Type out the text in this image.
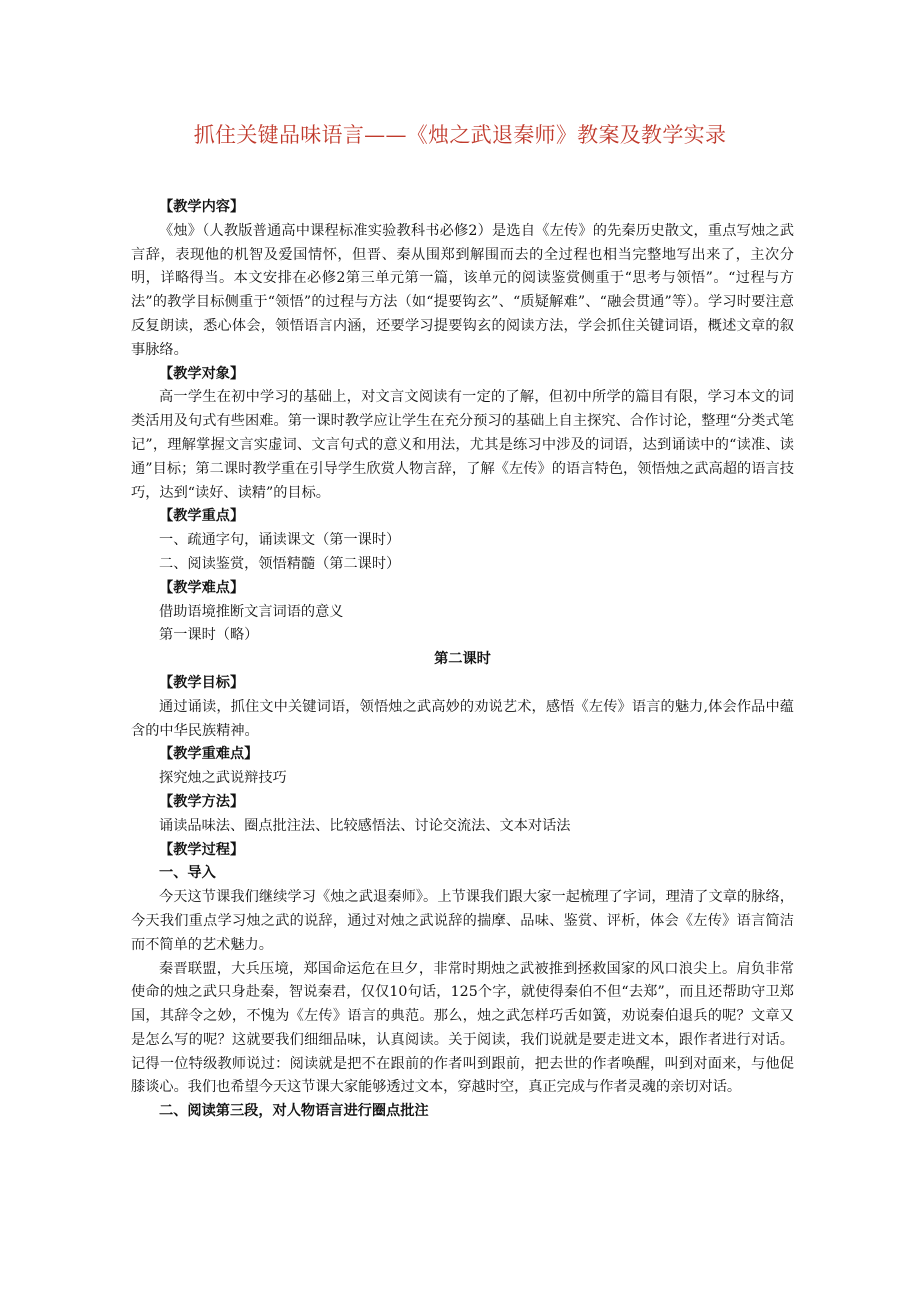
抓住关键品味语言——《烛之武退秦师》教案及教学实录

【教学内容】

《烛》（人教版普通高中课程标准实验教科书必修2）是选自《左传》的先秦历史散文，重点写烛之武言辞，表现他的机智及爱国情怀，但晋、秦从围郑到解围而去的全过程也相当完整地写出来了，主次分明，详略得当。本文安排在必修2第三单元第一篇，该单元的阅读鉴赏侧重于“思考与领悟”。“过程与方法”的教学目标侧重于“领悟”的过程与方法（如“提要钩玄”、“质疑解难”、“融会贯通”等）。学习时要注意反复朗读，悉心体会，领悟语言内涵，还要学习提要钩玄的阅读方法，学会抓住关键词语，概述文章的叙事脉络。

【教学对象】

高一学生在初中学习的基础上，对文言文阅读有一定的了解，但初中所学的篇目有限，学习本文的词类活用及句式有些困难。第一课时教学应让学生在充分预习的基础上自主探究、合作讨论，整理“分类式笔记”，理解掌握文言实虚词、文言句式的意义和用法，尤其是练习中涉及的词语，达到诵读中的“读准、读通”目标；第二课时教学重在引导学生欣赏人物言辞，了解《左传》的语言特色，领悟烛之武高超的语言技巧，达到“读好、读精”的目标。

【教学重点】

一、疏通字句，诵读课文（第一课时）

二、阅读鉴赏，领悟精髓（第二课时）

【教学难点】

借助语境推断文言词语的意义

第一课时（略）

第二课时

【教学目标】

通过诵读，抓住文中关键词语，领悟烛之武高妙的劝说艺术，感悟《左传》语言的魅力,体会作品中蕴含的中华民族精神。

【教学重难点】

探究烛之武说辩技巧

【教学方法】

诵读品味法、圈点批注法、比较感悟法、讨论交流法、文本对话法

【教学过程】

一、导入

今天这节课我们继续学习《烛之武退秦师》。上节课我们跟大家一起梳理了字词，理清了文章的脉络，今天我们重点学习烛之武的说辞，通过对烛之武说辞的揣摩、品味、鉴赏、评析，体会《左传》语言简洁而不简单的艺术魅力。

秦晋联盟，大兵压境，郑国命运危在旦夕，非常时期烛之武被推到拯救国家的风口浪尖上。肩负非常使命的烛之武只身赴秦，智说秦君，仅仅10句话，125个字，就使得秦伯不但“去郑”，而且还帮助守卫郑国，其辞令之妙，不愧为《左传》语言的典范。那么，烛之武怎样巧舌如簧，劝说秦伯退兵的呢？文章又是怎么写的呢？这就要我们细细品味，认真阅读。关于阅读，我们说就是要走进文本，跟作者进行对话。记得一位特级教师说过：阅读就是把不在跟前的作者叫到跟前，把去世的作者唤醒，叫到对面来，与他促膝谈心。我们也希望今天这节课大家能够透过文本，穿越时空，真正完成与作者灵魂的亲切对话。

二、阅读第三段，对人物语言进行圈点批注
